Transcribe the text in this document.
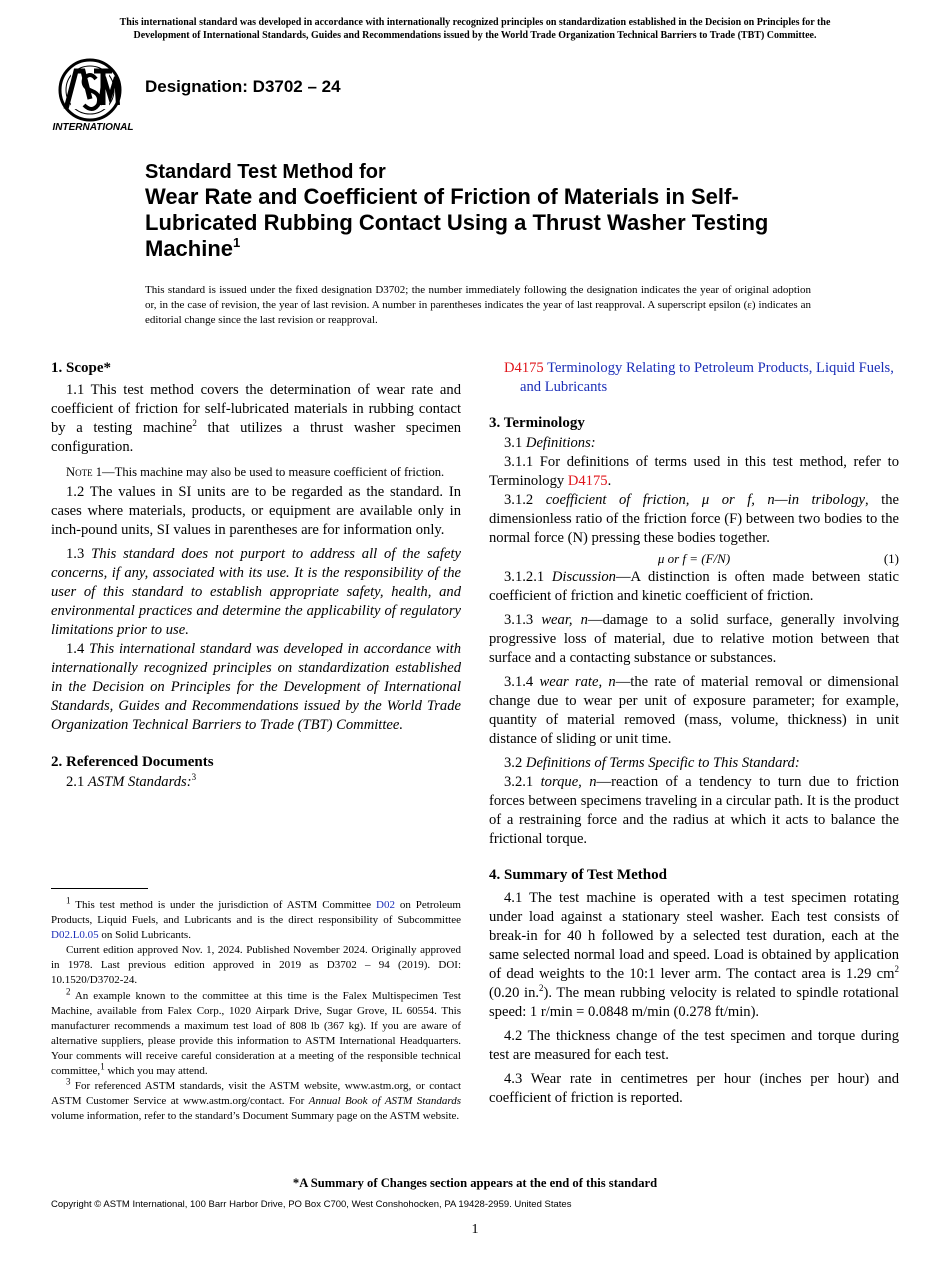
This international standard was developed in accordance with internationally recognized principles on standardization established in the Decision on Principles for the
Development of International Standards, Guides and Recommendations issued by the World Trade Organization Technical Barriers to Trade (TBT) Committee.
INTERNATIONAL
Designation: D3702 – 24
Standard Test Method for
Wear Rate and Coefficient of Friction of Materials in Self-Lubricated Rubbing Contact Using a Thrust Washer Testing Machine$^1$
This standard is issued under the fixed designation D3702; the number immediately following the designation indicates the year of original adoption or, in the case of revision, the year of last revision. A number in parentheses indicates the year of last reapproval. A superscript epsilon (ε) indicates an editorial change since the last revision or reapproval.
1. Scope*

1.1 This test method covers the determination of wear rate and coefficient of friction for self-lubricated materials in rubbing contact by a testing machine$^2$ that utilizes a thrust washer specimen configuration.

Note 1—This machine may also be used to measure coefficient of friction.

1.2 The values in SI units are to be regarded as the standard. In cases where materials, products, or equipment are available only in inch-pound units, SI values in parentheses are for information only.

1.3 This standard does not purport to address all of the safety concerns, if any, associated with its use. It is the responsibility of the user of this standard to establish appropriate safety, health, and environmental practices and determine the applicability of regulatory limitations prior to use.

1.4 This international standard was developed in accordance with internationally recognized principles on standardization established in the Decision on Principles for the Development of International Standards, Guides and Recommendations issued by the World Trade Organization Technical Barriers to Trade (TBT) Committee.

2. Referenced Documents

2.1 ASTM Standards:$^3$

$^1$ This test method is under the jurisdiction of ASTM Committee D02 on Petroleum Products, Liquid Fuels, and Lubricants and is the direct responsibility of Subcommittee D02.L0.05 on Solid Lubricants.

Current edition approved Nov. 1, 2024. Published November 2024. Originally approved in 1978. Last previous edition approved in 2019 as D3702 – 94 (2019). DOI: 10.1520/D3702-24.

$^2$ An example known to the committee at this time is the Falex Multispecimen Test Machine, available from Falex Corp., 1020 Airpark Drive, Sugar Grove, IL 60554. This manufacturer recommends a maximum test load of 808 lb (367 kg). If you are aware of alternative suppliers, please provide this information to ASTM International Headquarters. Your comments will receive careful consideration at a meeting of the responsible technical committee,$^1$ which you may attend.

$^3$ For referenced ASTM standards, visit the ASTM website, www.astm.org, or contact ASTM Customer Service at www.astm.org/contact. For Annual Book of ASTM Standards volume information, refer to the standard’s Document Summary page on the ASTM website.

D4175 Terminology Relating to Petroleum Products, Liquid Fuels, and Lubricants

3. Terminology

3.1 Definitions:

3.1.1 For definitions of terms used in this test method, refer to Terminology D4175.

3.1.2 coefficient of friction, μ or f, n—in tribology, the dimensionless ratio of the friction force (F) between two bodies to the normal force (N) pressing these bodies together.

μ or f = (F/N)	(1)

3.1.2.1 Discussion—A distinction is often made between static coefficient of friction and kinetic coefficient of friction.

3.1.3 wear, n—damage to a solid surface, generally involving progressive loss of material, due to relative motion between that surface and a contacting substance or substances.

3.1.4 wear rate, n—the rate of material removal or dimensional change due to wear per unit of exposure parameter; for example, quantity of material removed (mass, volume, thickness) in unit distance of sliding or unit time.

3.2 Definitions of Terms Specific to This Standard:

3.2.1 torque, n—reaction of a tendency to turn due to friction forces between specimens traveling in a circular path. It is the product of a restraining force and the radius at which it acts to balance the frictional torque.

4. Summary of Test Method

4.1 The test machine is operated with a test specimen rotating under load against a stationary steel washer. Each test consists of break-in for 40 h followed by a selected test duration, each at the same selected normal load and speed. Load is obtained by application of dead weights to the 10:1 lever arm. The contact area is 1.29 $cm^2$ (0.20 in.$^2$). The mean rubbing velocity is related to spindle rotational speed: 1 r/min = 0.0848 m/min (0.278 ft/min).

4.2 The thickness change of the test specimen and torque during test are measured for each test.

4.3 Wear rate in centimetres per hour (inches per hour) and coefficient of friction is reported.

*A Summary of Changes section appears at the end of this standard
Copyright © ASTM International, 100 Barr Harbor Drive, PO Box C700, West Conshohocken, PA 19428-2959. United States
1
